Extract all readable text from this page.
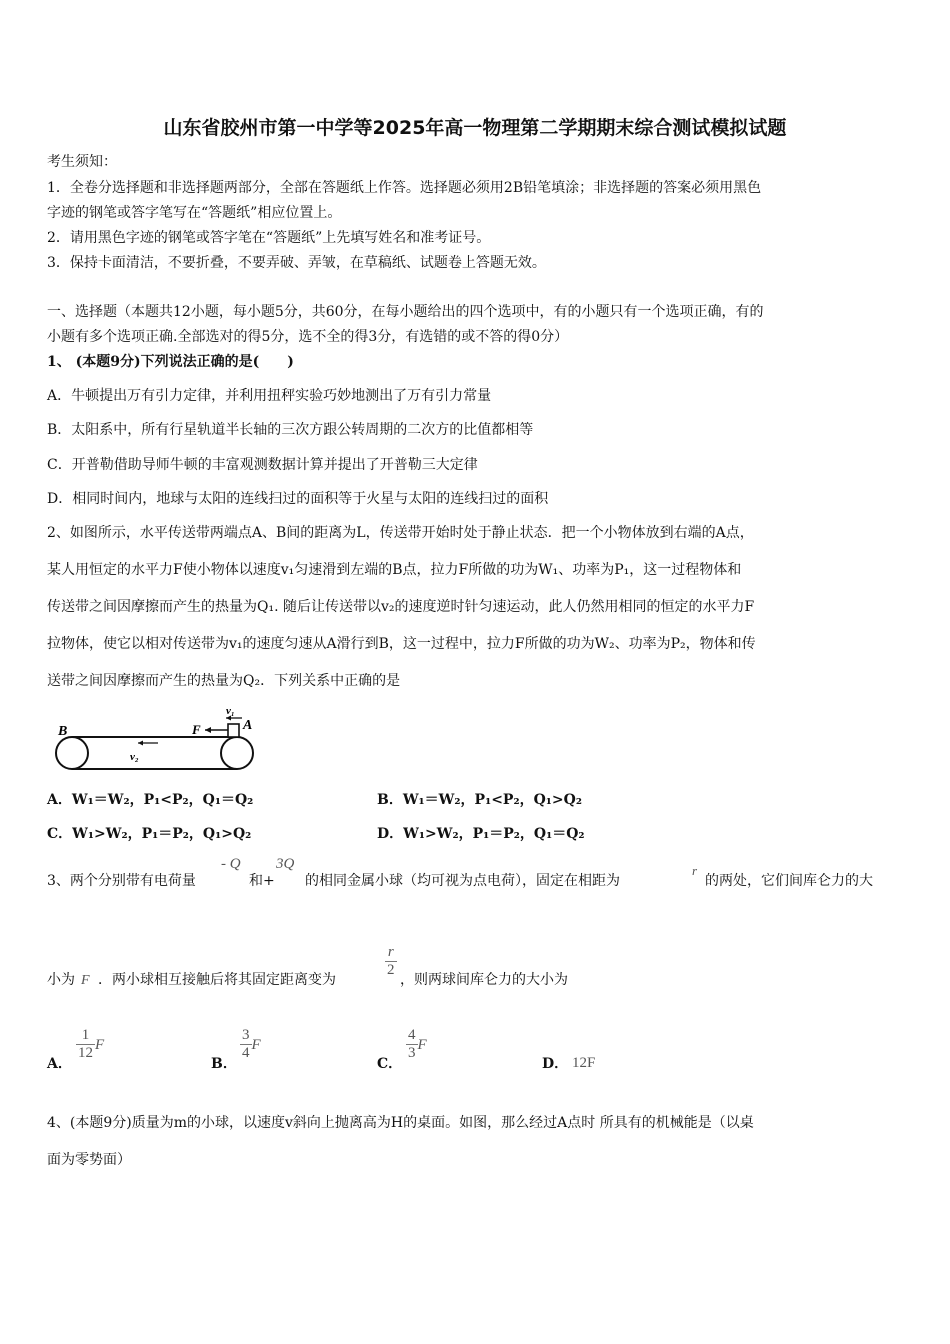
山东省胶州市第一中学等2025年高一物理第二学期期末综合测试模拟试题
考生须知：
1．全卷分选择题和非选择题两部分，全部在答题纸上作答。选择题必须用2B铅笔填涂；非选择题的答案必须用黑色
字迹的钢笔或答字笔写在“答题纸”相应位置上。
2．请用黑色字迹的钢笔或答字笔在“答题纸”上先填写姓名和准考证号。
3．保持卡面清洁，不要折叠，不要弄破、弄皱，在草稿纸、试题卷上答题无效。
一、选择题（本题共12小题，每小题5分，共60分，在每小题给出的四个选项中，有的小题只有一个选项正确，有的
小题有多个选项正确.全部选对的得5分，选不全的得3分，有选错的或不答的得0分）
1、 (本题9分)下列说法正确的是(　　)
A．牛顿提出万有引力定律，并利用扭秤实验巧妙地测出了万有引力常量
B．太阳系中，所有行星轨道半长轴的三次方跟公转周期的二次方的比值都相等
C．开普勒借助导师牛顿的丰富观测数据计算并提出了开普勒三大定律
D．相同时间内，地球与太阳的连线扫过的面积等于火星与太阳的连线扫过的面积
2、如图所示，水平传送带两端点A、B间的距离为L，传送带开始时处于静止状态．把一个小物体放到右端的A点，
某人用恒定的水平力F使小物体以速度v₁匀速滑到左端的B点，拉力F所做的功为W₁、功率为P₁，这一过程物体和
传送带之间因摩擦而产生的热量为Q₁. 随后让传送带以v₂的速度逆时针匀速运动，此人仍然用相同的恒定的水平力F
拉物体，使它以相对传送带为v₁的速度匀速从A滑行到B，这一过程中，拉力F所做的功为W₂、功率为P₂，物体和传
送带之间因摩擦而产生的热量为Q₂．下列关系中正确的是
B	A
F
v₁
v₂
A．W₁＝W₂，P₁<P₂，Q₁＝Q₂	B．W₁＝W₂，P₁<P₂，Q₁>Q₂
C．W₁>W₂，P₁＝P₂，Q₁>Q₂	D．W₁>W₂，P₁＝P₂，Q₁＝Q₂
3、两个分别带有电荷量
- Q
和+
3Q
的相同金属小球（均可视为点电荷），固定在相距为
r
的两处，它们间库仑力的大
小为 F ．两小球相互接触后将其固定距离变为
$\frac{r}{2}$
，则两球间库仑力的大小为
A．
$\frac{1}{12}$ F
B．
$\frac{3}{4}$ F
C．
$\frac{4}{3}$ F
D． 12F
4、(本题9分)质量为m的小球，以速度v斜向上抛离高为H的桌面。如图，那么经过A点时 所具有的机械能是（以桌
面为零势面）
